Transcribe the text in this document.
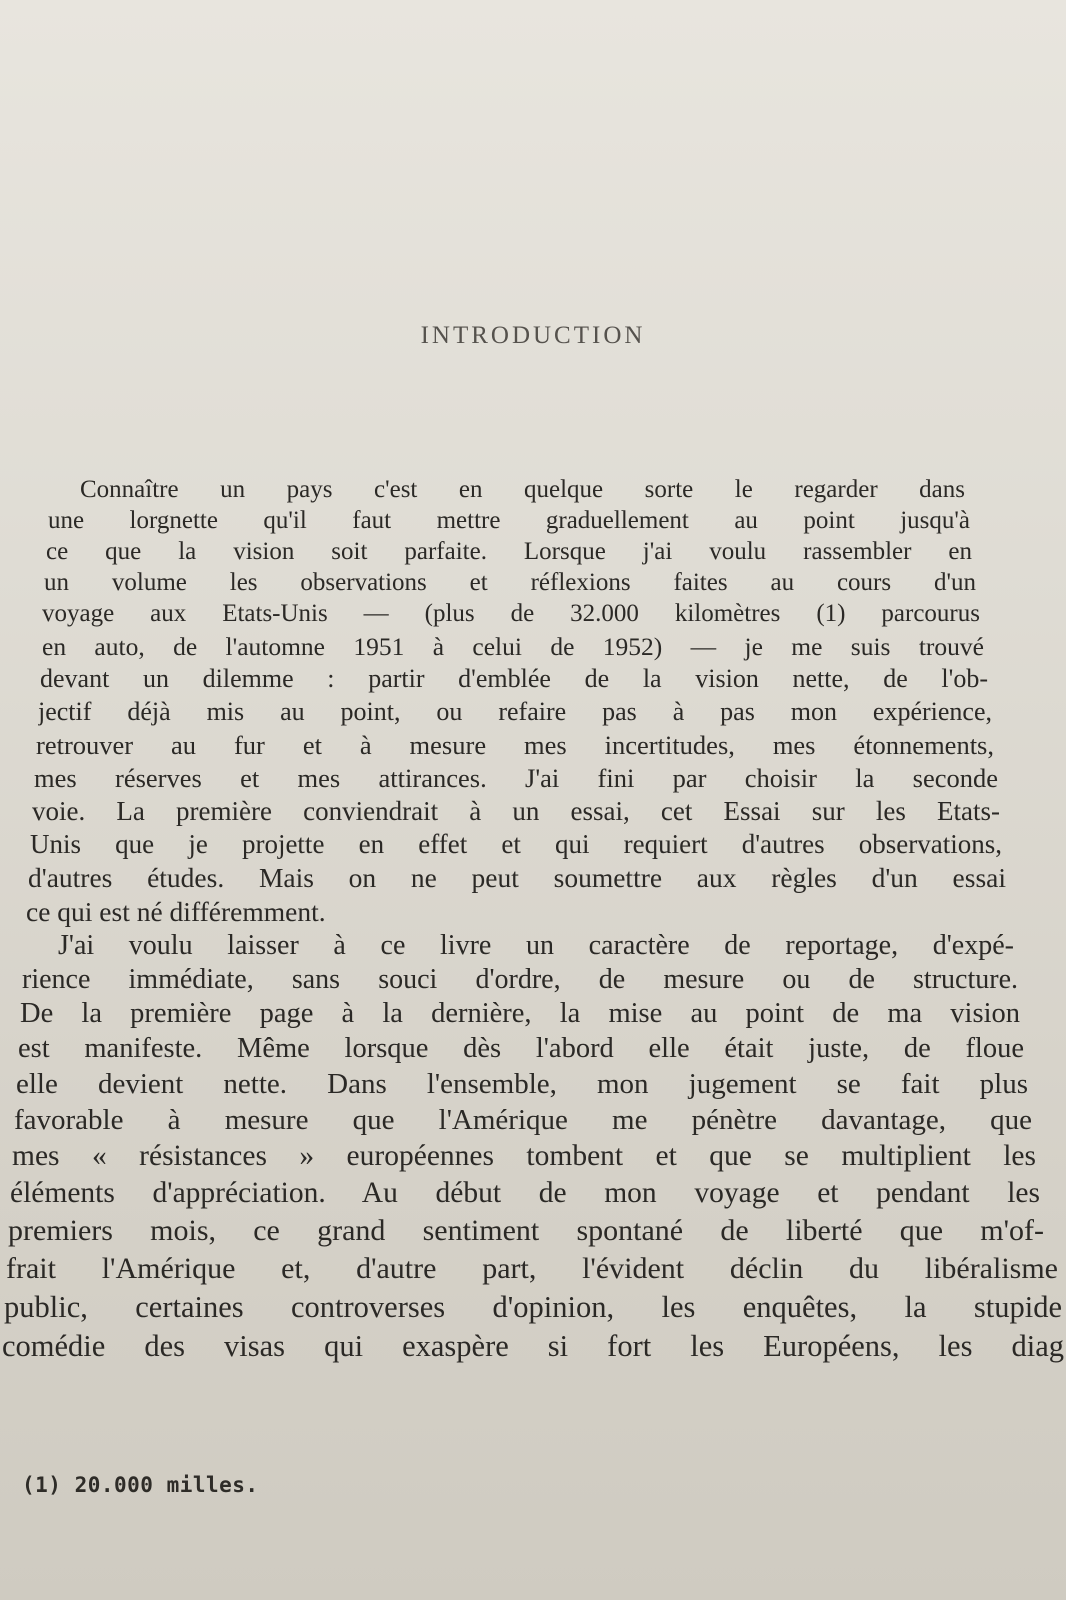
INTRODUCTION
Connaître un pays c'est en quelque sorte le regarder dans
une lorgnette qu'il faut mettre graduellement au point jusqu'à
ce que la vision soit parfaite. Lorsque j'ai voulu rassembler en
un volume les observations et réflexions faites au cours d'un
voyage aux Etats-Unis — (plus de 32.000 kilomètres (1) parcourus
en auto, de l'automne 1951 à celui de 1952) — je me suis trouvé
devant un dilemme : partir d'emblée de la vision nette, de l'ob-
jectif déjà mis au point, ou refaire pas à pas mon expérience,
retrouver au fur et à mesure mes incertitudes, mes étonnements,
mes réserves et mes attirances. J'ai fini par choisir la seconde
voie. La première conviendrait à un essai, cet Essai sur les Etats-
Unis que je projette en effet et qui requiert d'autres observations,
d'autres études. Mais on ne peut soumettre aux règles d'un essai
ce qui est né différemment.
J'ai voulu laisser à ce livre un caractère de reportage, d'expé-
rience immédiate, sans souci d'ordre, de mesure ou de structure.
De la première page à la dernière, la mise au point de ma vision
est manifeste. Même lorsque dès l'abord elle était juste, de floue
elle devient nette. Dans l'ensemble, mon jugement se fait plus
favorable à mesure que l'Amérique me pénètre davantage, que
mes « résistances » européennes tombent et que se multiplient les
éléments d'appréciation. Au début de mon voyage et pendant les
premiers mois, ce grand sentiment spontané de liberté que m'of-
frait l'Amérique et, d'autre part, l'évident déclin du libéralisme
public, certaines controverses d'opinion, les enquêtes, la stupide
comédie des visas qui exaspère si fort les Européens, les diag
(1) 20.000 milles.
